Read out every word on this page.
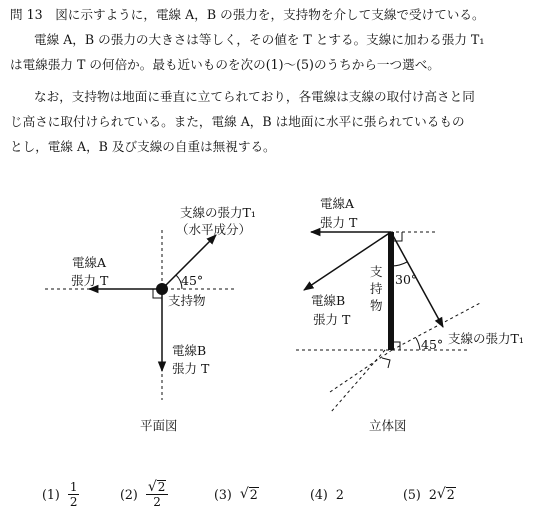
問 13　図に示すように，電線 A，B の張力を，支持物を介して支線で受けている。
電線 A，B の張力の大きさは等しく，その値を T とする。支線に加わる張力 T₁
は電線張力 T の何倍か。最も近いものを次の(1)～(5)のうちから一つ選べ。
なお，支持物は地面に垂直に立てられており，各電線は支線の取付け高さと同
じ高さに取付けられている。また，電線 A，B は地面に水平に張られているもの
とし，電線 A，B 及び支線の自重は無視する。
支線の張力T₁
（水平成分）
電線A
張力 T	45°
支持物
電線B
張力 T
平面図
電線A
張力 T
支
持
物
30°
電線B
張力 T
45° 支線の張力T₁
立体図
$(1) \frac{1}{2}$	$(2) \frac{√ 2}{2}$	(3) √ 2	(4) 2	(5) 2 √ 2
